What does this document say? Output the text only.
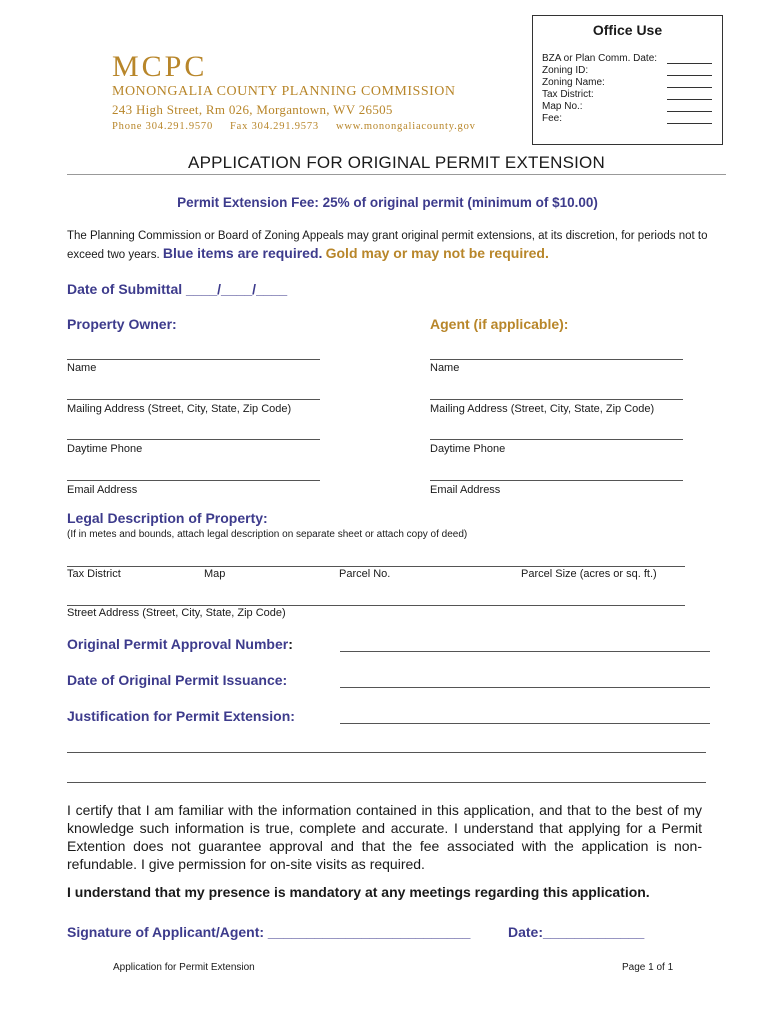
Office Use
BZA or Plan Comm. Date:
Zoning ID:
Zoning Name:
Tax District:
Map No.:
Fee:
MCPC
MONONGALIA COUNTY PLANNING COMMISSION
243 High Street, Rm 026, Morgantown, WV 26505
Phone 304.291.9570 Fax 304.291.9573 www.monongaliacounty.gov
APPLICATION FOR ORIGINAL PERMIT EXTENSION
Permit Extension Fee: 25% of original permit (minimum of $10.00)
The Planning Commission or Board of Zoning Appeals may grant original permit extensions, at its discretion, for periods not to exceed two years. Blue items are required. Gold may or may not be required.
Date of Submittal ____/____/____
Property Owner:	Agent (if applicable):
Name
Mailing Address (Street, City, State, Zip Code)
Daytime Phone
Email Address
Name
Mailing Address (Street, City, State, Zip Code)
Daytime Phone
Email Address
Legal Description of Property:
(If in metes and bounds, attach legal description on separate sheet or attach copy of deed)
Tax District	Map	Parcel No.	Parcel Size (acres or sq. ft.)
Street Address (Street, City, State, Zip Code)
Original Permit Approval Number:
Date of Original Permit Issuance:
Justification for Permit Extension:
I certify that I am familiar with the information contained in this application, and that to the best of my knowledge such information is true, complete and accurate. I understand that applying for a Permit Extention does not guarantee approval and that the fee associated with the application is non-refundable. I give permission for on-site visits as required.
I understand that my presence is mandatory at any meetings regarding this application.
Signature of Applicant/Agent: __________________________	Date:_____________
Application for Permit Extension	Page 1 of 1
